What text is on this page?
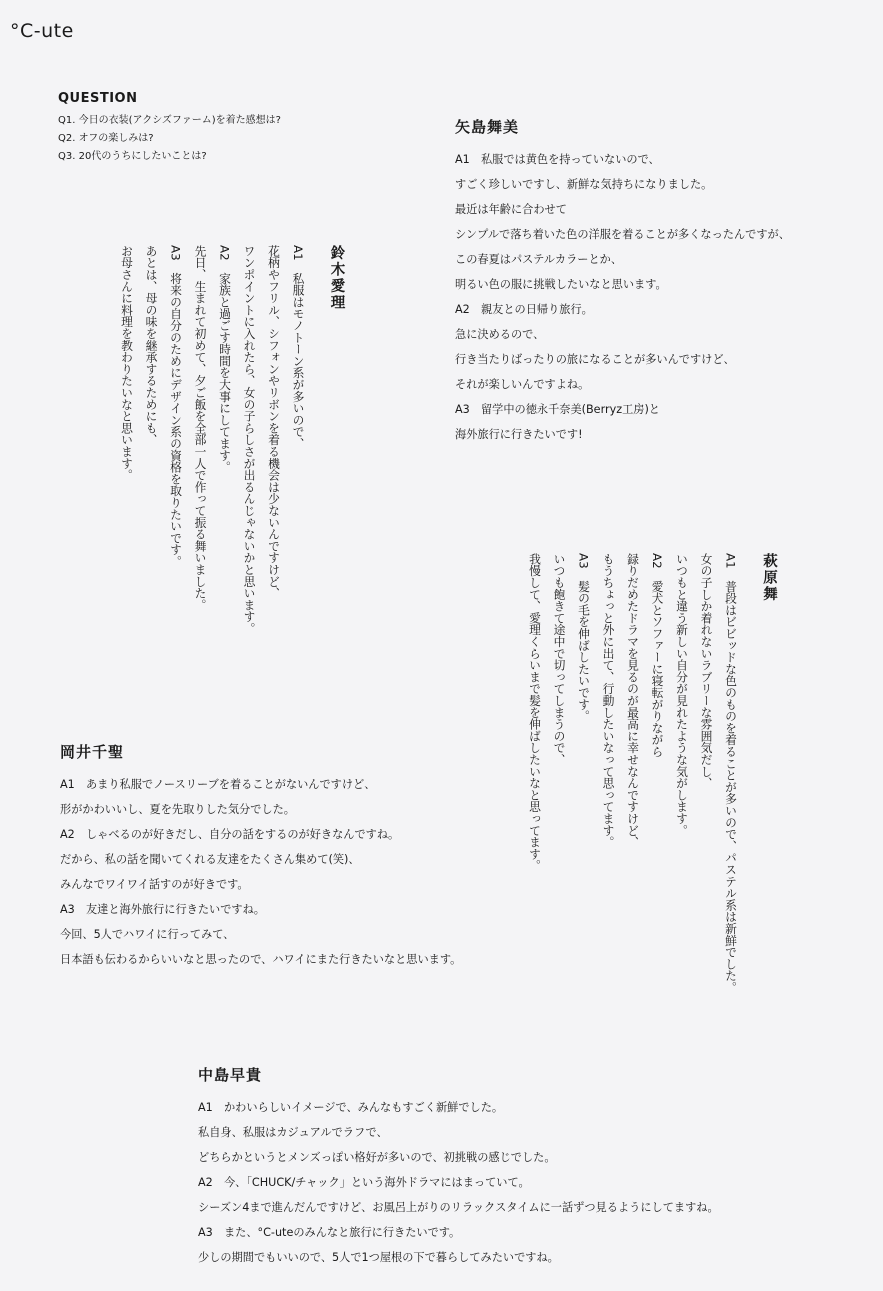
°C-ute
QUESTION
Q1. 今日の衣装(アクシズファーム)を着た感想は?
Q2. オフの楽しみは?
Q3. 20代のうちにしたいことは?
矢島舞美
A1　私服では黄色を持っていないので、
すごく珍しいですし、新鮮な気持ちになりました。
最近は年齢に合わせて
シンプルで落ち着いた色の洋服を着ることが多くなったんですが、
この春夏はパステルカラーとか、
明るい色の服に挑戦したいなと思います。
A2　親友との日帰り旅行。
急に決めるので、
行き当たりばったりの旅になることが多いんですけど、
それが楽しいんですよね。
A3　留学中の徳永千奈美(Berryz工房)と
海外旅行に行きたいです!
鈴木愛理
A1　私服はモノトーン系が多いので、
花柄やフリル、シフォンやリボンを着る機会は少ないんですけど、
ワンポイントに入れたら、女の子らしさが出るんじゃないかと思います。
A2　家族と過ごす時間を大事にしてます。
先日、生まれて初めて、夕ご飯を全部一人で作って振る舞いました。
A3　将来の自分のためにデザイン系の資格を取りたいです。
あとは、母の味を継承するためにも、
お母さんに料理を教わりたいなと思います。
萩原舞
A1　普段はビビッドな色のものを着ることが多いので、パステル系は新鮮でした。
女の子しか着れないラブリーな雰囲気だし、
いつもと違う新しい自分が見れたような気がします。
A2　愛犬とソファーに寝転がりながら
録りだめたドラマを見るのが最高に幸せなんですけど、
もうちょっと外に出て、行動したいなって思ってます。
A3　髪の毛を伸ばしたいです。
いつも飽きて途中で切ってしまうので、
我慢して、愛理くらいまで髪を伸ばしたいなと思ってます。
岡井千聖
A1　あまり私服でノースリーブを着ることがないんですけど、
形がかわいいし、夏を先取りした気分でした。
A2　しゃべるのが好きだし、自分の話をするのが好きなんですね。
だから、私の話を聞いてくれる友達をたくさん集めて(笑)、
みんなでワイワイ話すのが好きです。
A3　友達と海外旅行に行きたいですね。
今回、5人でハワイに行ってみて、
日本語も伝わるからいいなと思ったので、ハワイにまた行きたいなと思います。
中島早貴
A1　かわいらしいイメージで、みんなもすごく新鮮でした。
私自身、私服はカジュアルでラフで、
どちらかというとメンズっぽい格好が多いので、初挑戦の感じでした。
A2　今、「CHUCK/チャック」という海外ドラマにはまっていて。
シーズン4まで進んだんですけど、お風呂上がりのリラックスタイムに一話ずつ見るようにしてますね。
A3　また、°C-uteのみんなと旅行に行きたいです。
少しの期間でもいいので、5人で1つ屋根の下で暮らしてみたいですね。
